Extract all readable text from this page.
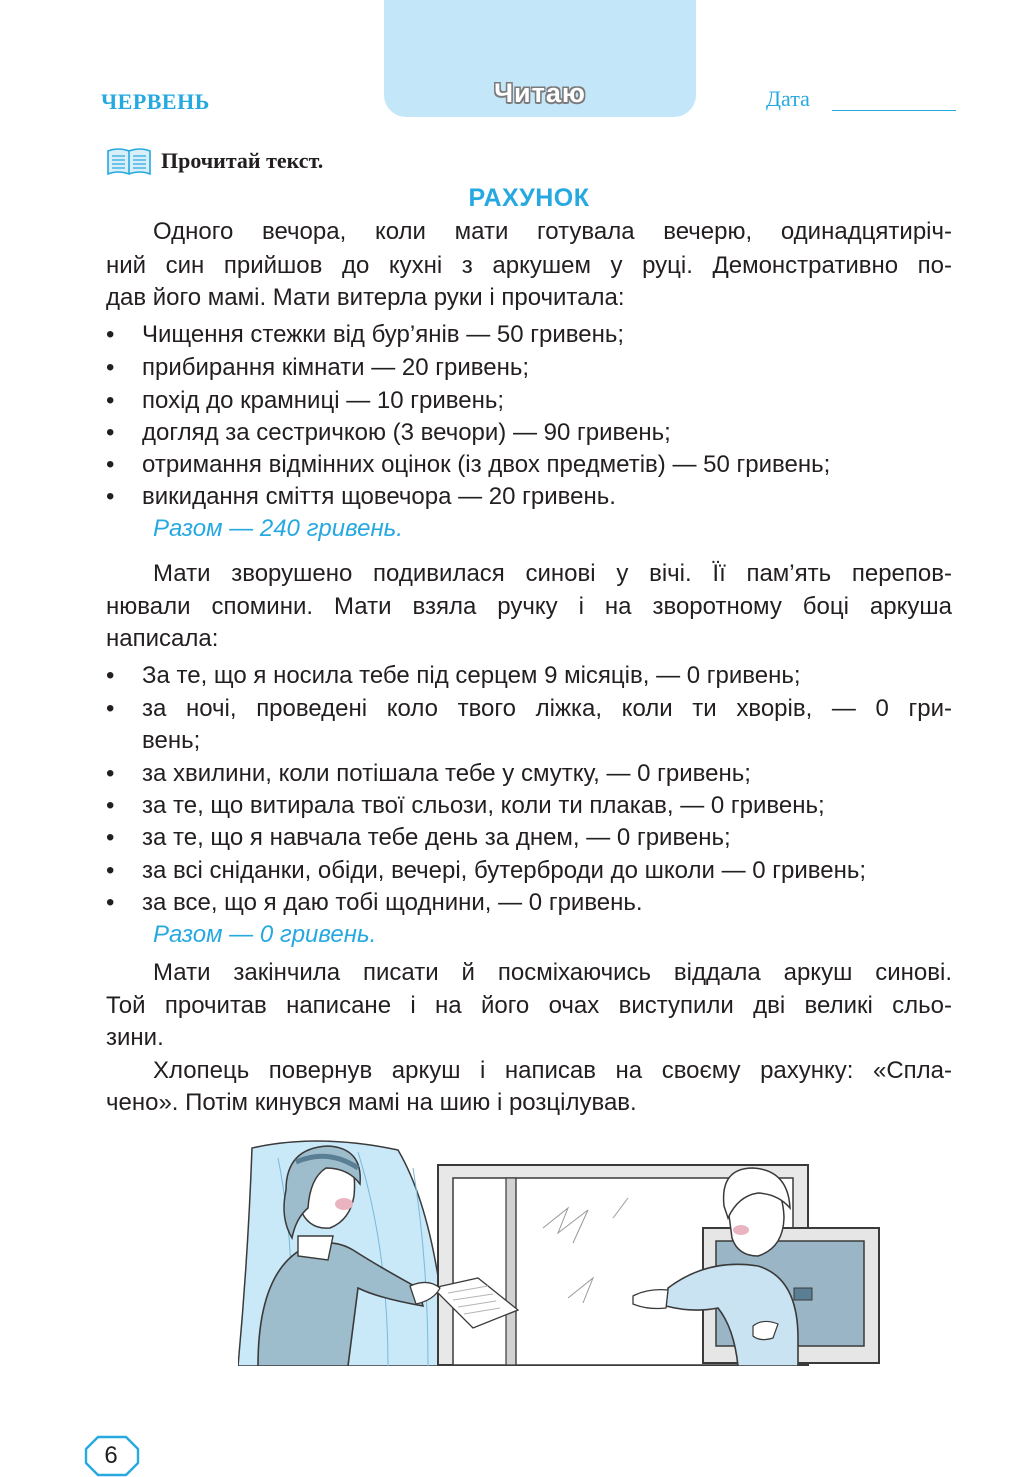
Читаю
ЧЕРВЕНЬ	Дата
Прочитай текст.
РАХУНОК
Одного вечора, коли мати готувала вечерю, одинадцятиріч-
ний син прийшов до кухні з аркушем у руці. Демонстративно по-
дав його мамі. Мати витерла руки і прочитала:
• Чищення стежки від бур’янів — 50 гривень;
• прибирання кімнати — 20 гривень;
• похід до крамниці — 10 гривень;
• догляд за сестричкою (3 вечори) — 90 гривень;
• отримання відмінних оцінок (із двох предметів) — 50 гривень;
• викидання сміття щовечора — 20 гривень.
Разом — 240 гривень.
Мати зворушено подивилася синові у вічі. Її пам’ять перепов-
нювали спомини. Мати взяла ручку і на зворотному боці аркуша
написала:
• За те, що я носила тебе під серцем 9 місяців, — 0 гривень;
• за ночі, проведені коло твого ліжка, коли ти хворів, — 0 гри-
вень;
• за хвилини, коли потішала тебе у смутку, — 0 гривень;
• за те, що витирала твої сльози, коли ти плакав, — 0 гривень;
• за те, що я навчала тебе день за днем, — 0 гривень;
• за всі сніданки, обіди, вечері, бутерброди до школи — 0 гривень;
• за все, що я даю тобі щоднини, — 0 гривень.
Разом — 0 гривень.
Мати закінчила писати й посміхаючись віддала аркуш синові.
Той прочитав написане і на його очах виступили дві великі сльо-
зини.
Хлопець повернув аркуш і написав на своєму рахунку: «Спла-
чено». Потім кинувся мамі на шию і розцілував.
6
